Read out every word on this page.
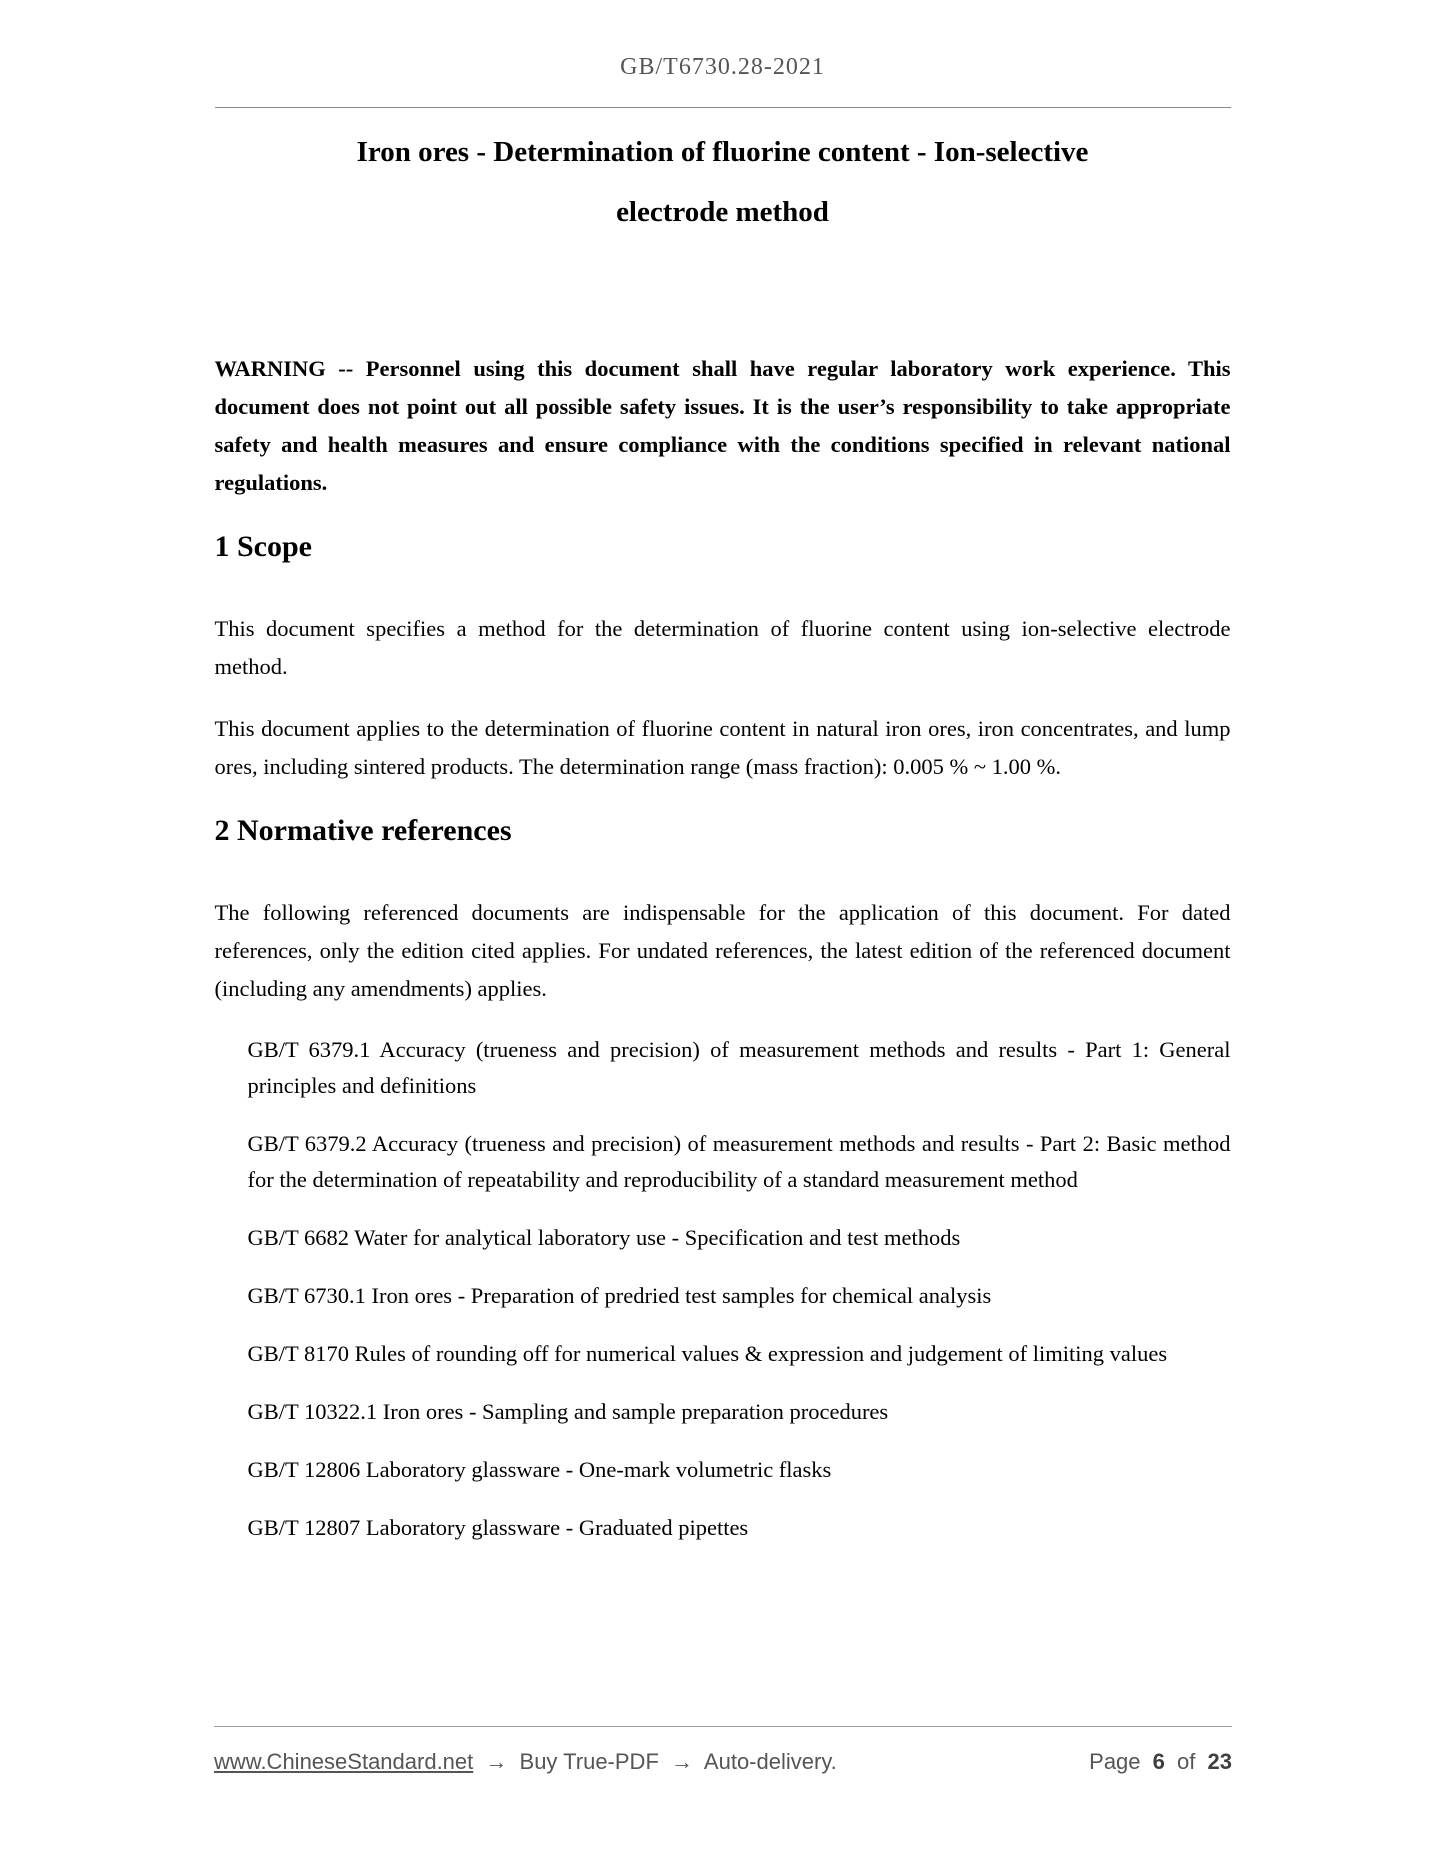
GB/T6730.28-2021
Iron ores - Determination of fluorine content - Ion-selective
electrode method

WARNING -- Personnel using this document shall have regular laboratory work experience. This document does not point out all possible safety issues. It is the user’s responsibility to take appropriate safety and health measures and ensure compliance with the conditions specified in relevant national regulations.

1 Scope

This document specifies a method for the determination of fluorine content using ion-selective electrode method.

This document applies to the determination of fluorine content in natural iron ores, iron concentrates, and lump ores, including sintered products. The determination range (mass fraction): 0.005 % ~ 1.00 %.

2 Normative references

The following referenced documents are indispensable for the application of this document. For dated references, only the edition cited applies. For undated references, the latest edition of the referenced document (including any amendments) applies.

GB/T 6379.1 Accuracy (trueness and precision) of measurement methods and results - Part 1: General principles and definitions

GB/T 6379.2 Accuracy (trueness and precision) of measurement methods and results - Part 2: Basic method for the determination of repeatability and reproducibility of a standard measurement method

GB/T 6682 Water for analytical laboratory use - Specification and test methods

GB/T 6730.1 Iron ores - Preparation of predried test samples for chemical analysis

GB/T 8170 Rules of rounding off for numerical values & expression and judgement of limiting values

GB/T 10322.1 Iron ores - Sampling and sample preparation procedures

GB/T 12806 Laboratory glassware - One-mark volumetric flasks

GB/T 12807 Laboratory glassware - Graduated pipettes

www.ChineseStandard.net → Buy True-PDF → Auto-delivery.	Page 6 of 23
